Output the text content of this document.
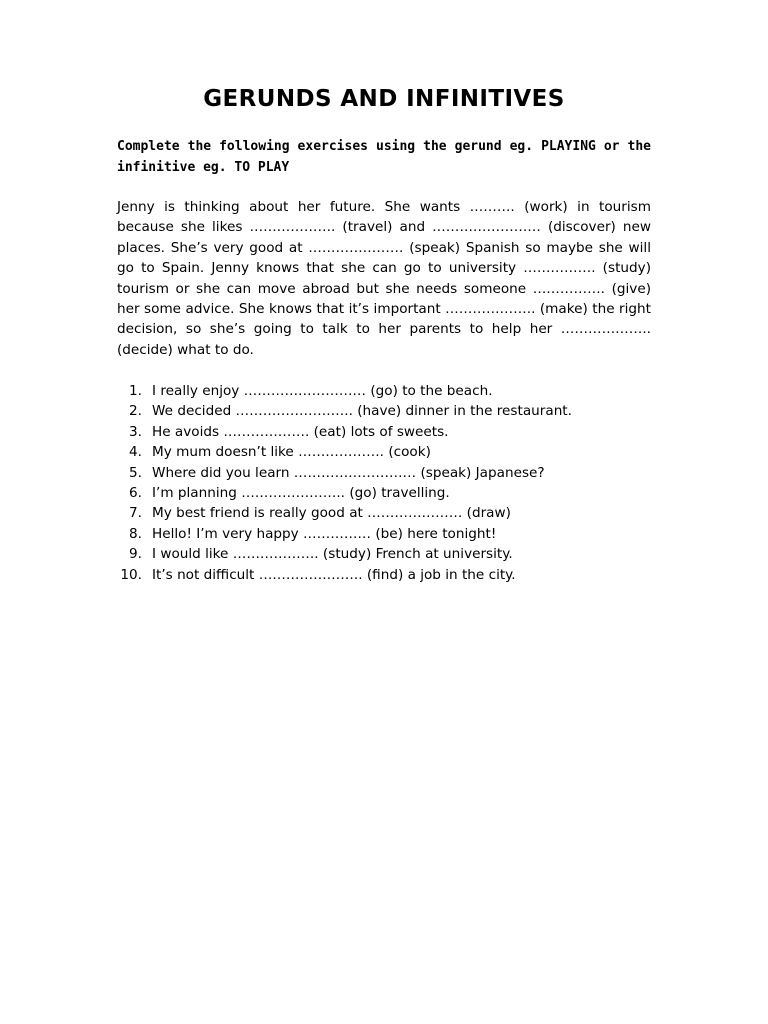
GERUNDS AND INFINITIVES

Complete the following exercises using the gerund eg. PLAYING or the infinitive eg. TO PLAY

Jenny is thinking about her future. She wants ………. (work) in tourism because she likes ………………. (travel) and …………………… (discover) new places. She’s very good at ………………… (speak) Spanish so maybe she will go to Spain. Jenny knows that she can go to university ……………. (study) tourism or she can move abroad but she needs someone ……………. (give) her some advice. She knows that it’s important ……………….. (make) the right decision, so she’s going to talk to her parents to help her ……………….. (decide) what to do.

1. I really enjoy ……………………… (go) to the beach.
2. We decided …………………….. (have) dinner in the restaurant.
3. He avoids ………………. (eat) lots of sweets.
4. My mum doesn’t like ………………. (cook)
5. Where did you learn ……………………… (speak) Japanese?
6. I’m planning ………………….. (go) travelling.
7. My best friend is really good at ………………… (draw)
8. Hello! I’m very happy …………… (be) here tonight!
9. I would like ………………. (study) French at university.
10. It’s not difficult ………………….. (find) a job in the city.
